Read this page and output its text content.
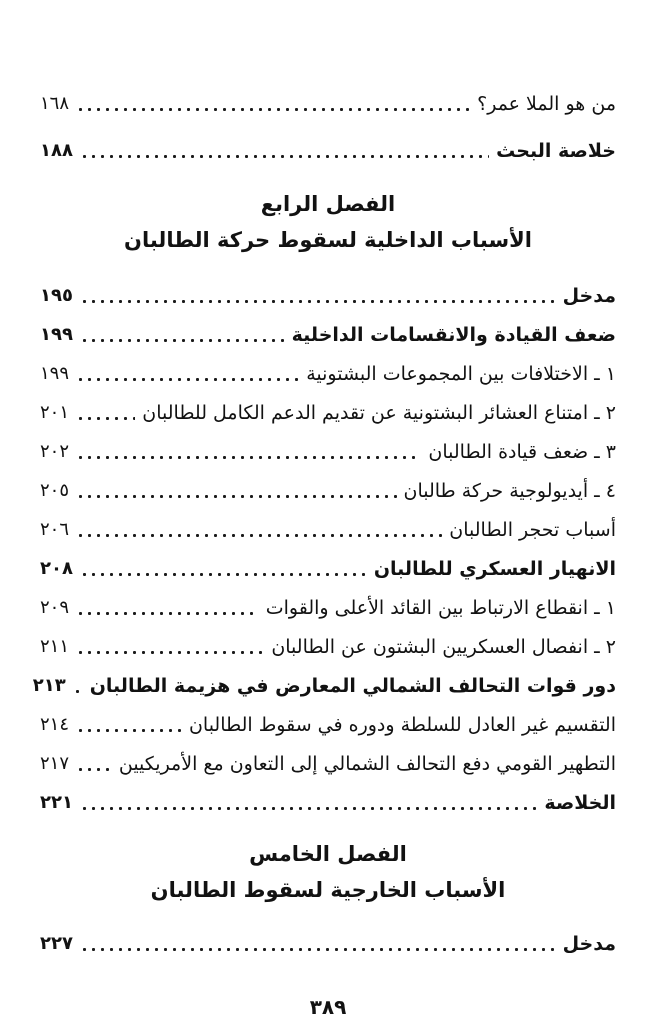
من هو الملا عمر؟
١٦٨
خلاصة البحث
١٨٨
الفصل الرابع
الأسباب الداخلية لسقوط حركة الطالبان
مدخل
١٩٥
ضعف القيادة والانقسامات الداخلية
١٩٩
١ ـ الاختلافات بين المجموعات البشتونية
١٩٩
٢ ـ امتناع العشائر البشتونية عن تقديم الدعم الكامل للطالبان
٢٠١
٣ ـ ضعف قيادة الطالبان
٢٠٢
٤ ـ أيديولوجية حركة طالبان
٢٠٥
أسباب تحجر الطالبان
٢٠٦
الانهيار العسكري للطالبان
٢٠٨
١ ـ انقطاع الارتباط بين القائد الأعلى والقوات
٢٠٩
٢ ـ انفصال العسكريين البشتون عن الطالبان
٢١١
دور قوات التحالف الشمالي المعارض في هزيمة الطالبان
٢١٣
التقسيم غير العادل للسلطة ودوره في سقوط الطالبان
٢١٤
التطهير القومي دفع التحالف الشمالي إلى التعاون مع الأمريكيين
٢١٧
الخلاصة
٢٢١
الفصل الخامس
الأسباب الخارجية لسقوط الطالبان
مدخل
٢٢٧
٣٨٩
